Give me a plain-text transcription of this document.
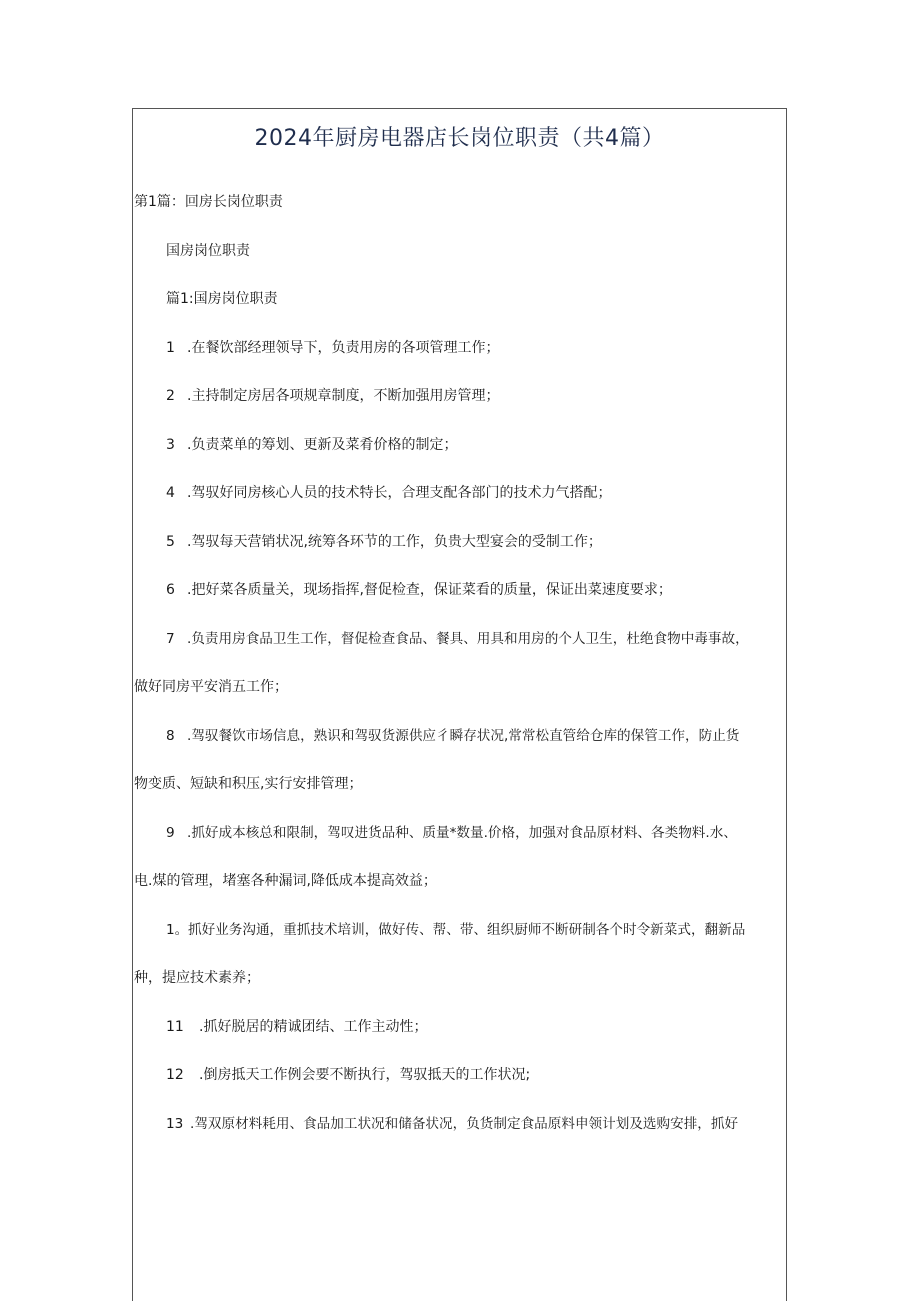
2024年厨房电器店长岗位职责（共4篇）
第1篇：回房长岗位职责
国房岗位职责
篇1:国房岗位职责
1 .在餐饮部经理领导下，负责用房的各项管理工作；
2 .主持制定房居各项规章制度，不断加强用房管理；
3 .负责菜单的筹划、更新及菜肴价格的制定；
4 .驾驭好同房核心人员的技术特长，合理支配各部门的技术力气搭配；
5 .驾驭每天营销状况,统筹各环节的工作，负贵大型宴会的受制工作；
6 .把好菜各质量关，现场指挥,督促检查，保证菜看的质量，保证出菜速度要求；
7 .负责用房食品卫生工作，督促检查食品、餐具、用具和用房的个人卫生，杜绝食物中毒事故，
做好同房平安消五工作；
8 .驾驭餐饮市场信息，熟识和驾驭货源供应彳瞬存状况,常常松直管给仓库的保管工作，防止货
物变质、短缺和积压,实行安排管理；
9 .抓好成本核总和限制，驾叹进货品种、质量*数量.价格，加强对食品原材料、各类物料.水、
电.煤的管理，堵塞各种漏词,降低成本提高效益；
1。抓好业务沟通，重抓技术培训，做好传、帮、带、组织厨师不断研制各个时令新菜式，翻新品
种，提应技术素养；
11 .抓好脱居的精诚团结、工作主动性；
12 .倒房抵天工作例会要不断执行，驾驭抵天的工作状况;
13 .驾双原材料耗用、食品加工状况和储备状况，负货制定食品原料申领计划及选购安排，抓好
